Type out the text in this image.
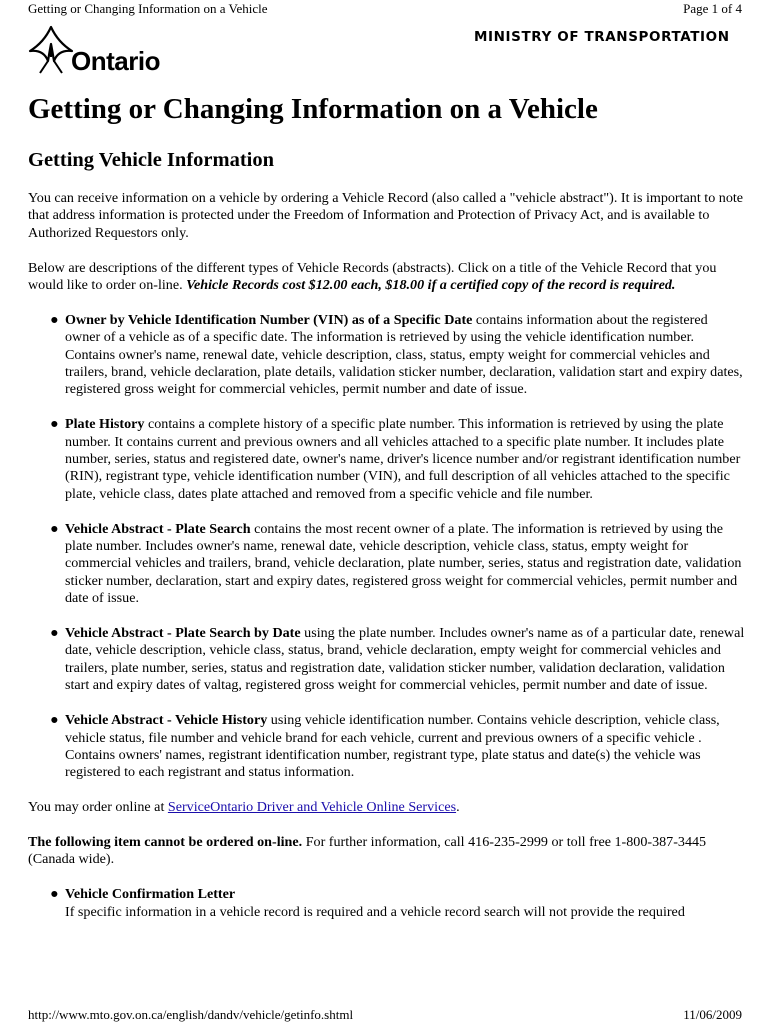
Getting or Changing Information on a Vehicle	Page 1 of 4
Ontario
MINISTRY OF TRANSPORTATION
Getting or Changing Information on a Vehicle
Getting Vehicle Information

You can receive information on a vehicle by ordering a Vehicle Record (also called a "vehicle abstract"). It is important to note that address information is protected under the Freedom of Information and Protection of Privacy Act, and is available to Authorized Requestors only.

Below are descriptions of the different types of Vehicle Records (abstracts). Click on a title of the Vehicle Record that you would like to order on-line. Vehicle Records cost $12.00 each, $18.00 if a certified copy of the record is required.

● Owner by Vehicle Identification Number (VIN) as of a Specific Date contains information about the registered owner of a vehicle as of a specific date. The information is retrieved by using the vehicle identification number. Contains owner's name, renewal date, vehicle description, class, status, empty weight for commercial vehicles and trailers, brand, vehicle declaration, plate details, validation sticker number, declaration, validation start and expiry dates, registered gross weight for commercial vehicles, permit number and date of issue.
● Plate History contains a complete history of a specific plate number. This information is retrieved by using the plate number. It contains current and previous owners and all vehicles attached to a specific plate number. It includes plate number, series, status and registered date, owner's name, driver's licence number and/or registrant identification number (RIN), registrant type, vehicle identification number (VIN), and full description of all vehicles attached to the specific plate, vehicle class, dates plate attached and removed from a specific vehicle and file number.
● Vehicle Abstract - Plate Search contains the most recent owner of a plate. The information is retrieved by using the plate number. Includes owner's name, renewal date, vehicle description, vehicle class, status, empty weight for commercial vehicles and trailers, brand, vehicle declaration, plate number, series, status and registration date, validation sticker number, declaration, start and expiry dates, registered gross weight for commercial vehicles, permit number and date of issue.
● Vehicle Abstract - Plate Search by Date using the plate number. Includes owner's name as of a particular date, renewal date, vehicle description, vehicle class, status, brand, vehicle declaration, empty weight for commercial vehicles and trailers, plate number, series, status and registration date, validation sticker number, validation declaration, validation start and expiry dates of valtag, registered gross weight for commercial vehicles, permit number and date of issue.
● Vehicle Abstract - Vehicle History using vehicle identification number. Contains vehicle description, vehicle class, vehicle status, file number and vehicle brand for each vehicle, current and previous owners of a specific vehicle . Contains owners' names, registrant identification number, registrant type, plate status and date(s) the vehicle was registered to each registrant and status information.

You may order online at ServiceOntario Driver and Vehicle Online Services.

The following item cannot be ordered on-line. For further information, call 416-235-2999 or toll free 1-800-387-3445 (Canada wide).

● Vehicle Confirmation Letter
If specific information in a vehicle record is required and a vehicle record search will not provide the required
http://www.mto.gov.on.ca/english/dandv/vehicle/getinfo.shtml	11/06/2009
